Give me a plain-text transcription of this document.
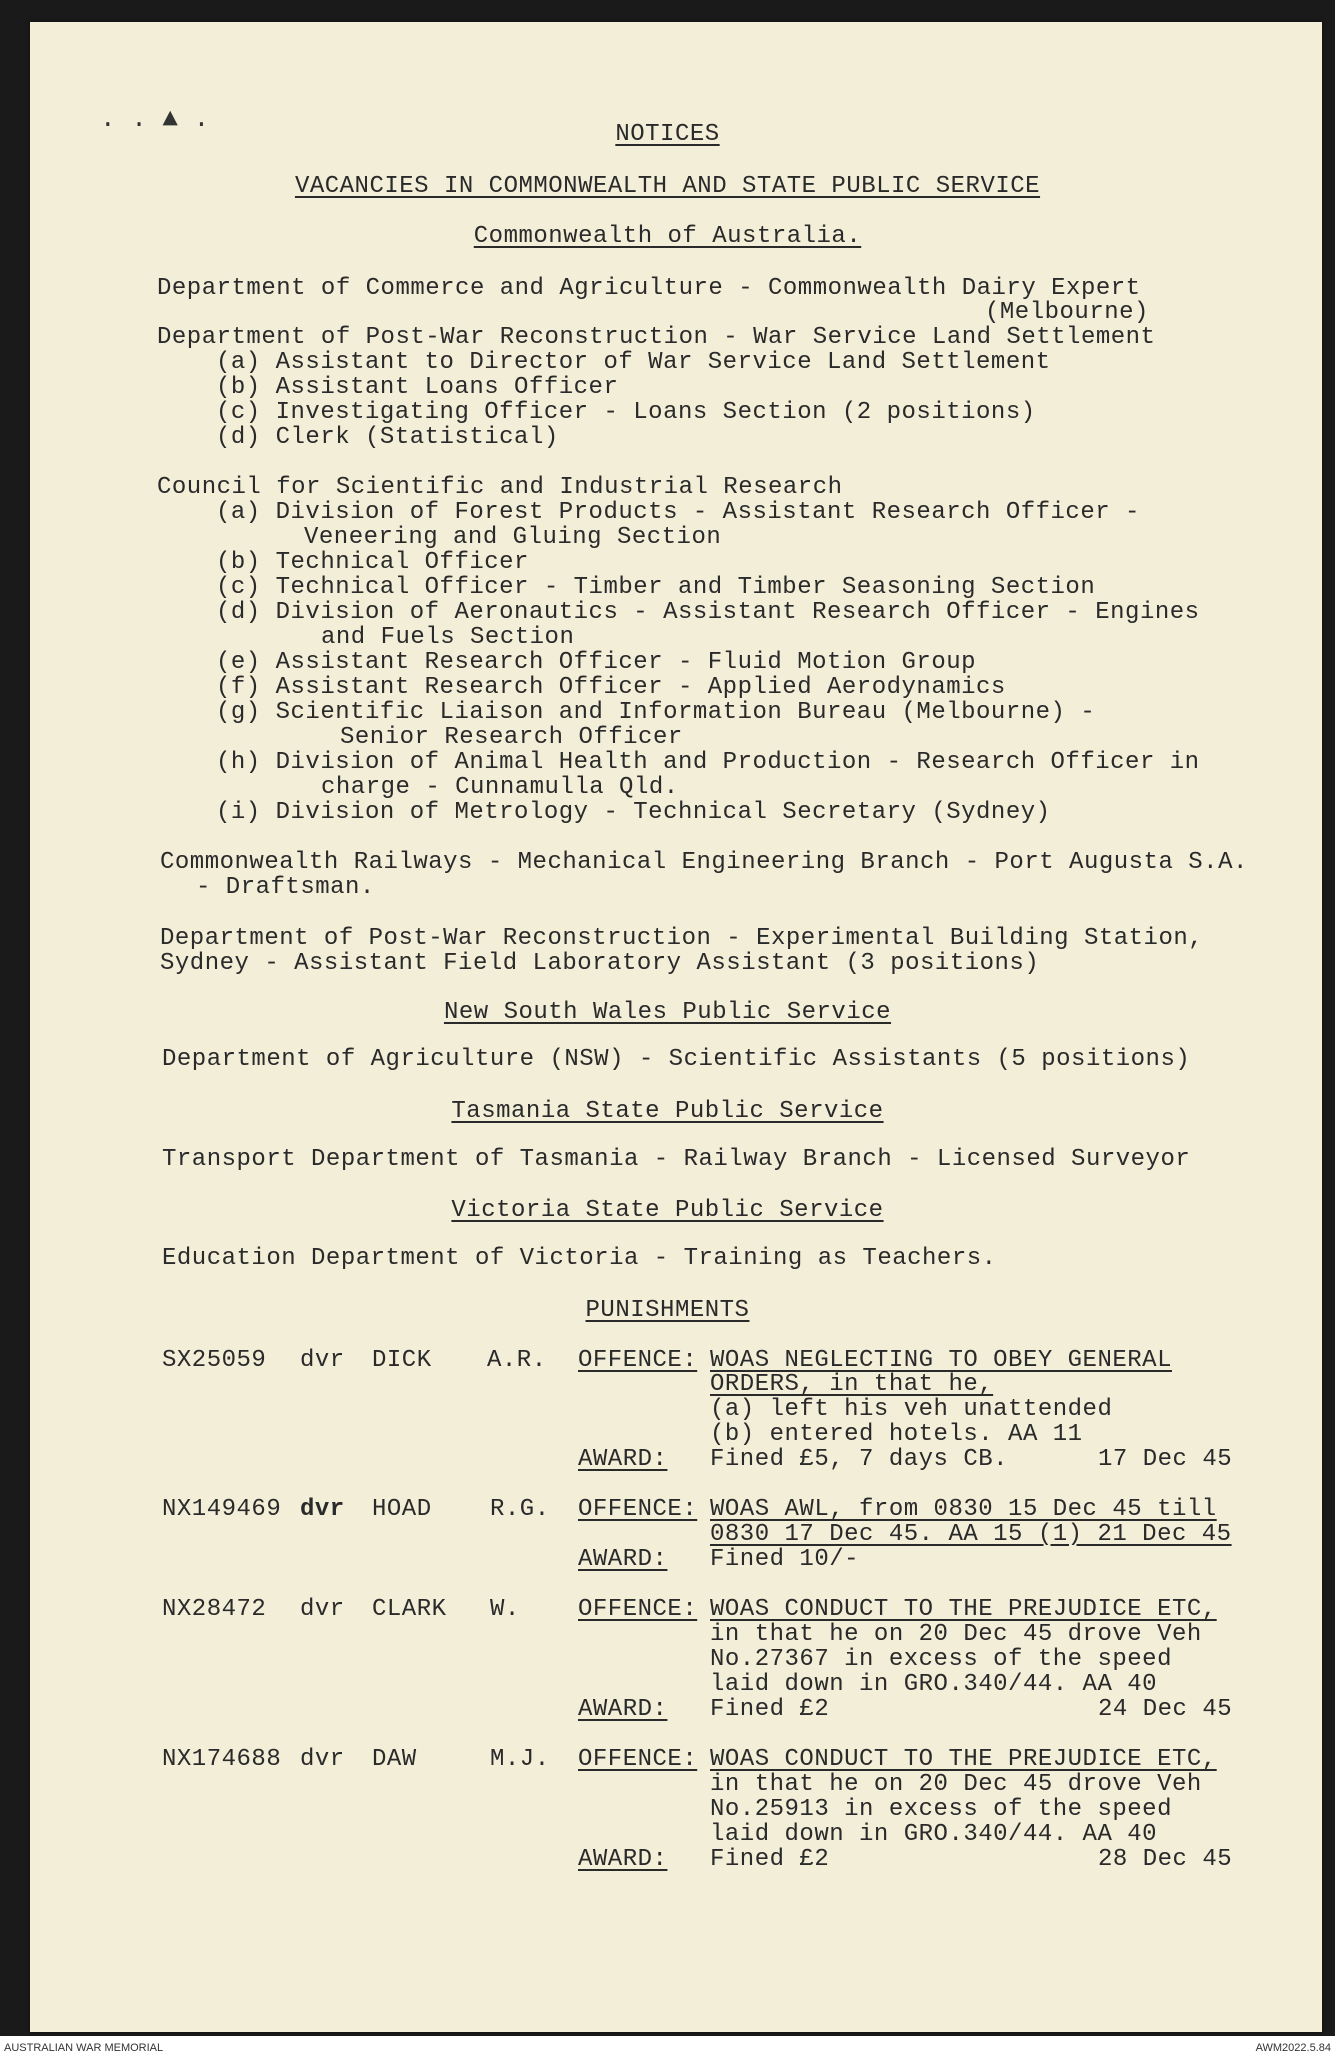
. . ▲ .
NOTICES
VACANCIES IN COMMONWEALTH AND STATE PUBLIC SERVICE
Commonwealth of Australia.
Department of Commerce and Agriculture - Commonwealth Dairy Expert
(Melbourne)
Department of Post-War Reconstruction - War Service Land Settlement
(a) Assistant to Director of War Service Land Settlement
(b) Assistant Loans Officer
(c) Investigating Officer - Loans Section (2 positions)
(d) Clerk (Statistical)
Council for Scientific and Industrial Research
(a) Division of Forest Products - Assistant Research Officer -
Veneering and Gluing Section
(b) Technical Officer
(c) Technical Officer - Timber and Timber Seasoning Section
(d) Division of Aeronautics - Assistant Research Officer - Engines
and Fuels Section
(e) Assistant Research Officer - Fluid Motion Group
(f) Assistant Research Officer - Applied Aerodynamics
(g) Scientific Liaison and Information Bureau (Melbourne) -
Senior Research Officer
(h) Division of Animal Health and Production - Research Officer in
charge - Cunnamulla Qld.
(i) Division of Metrology - Technical Secretary (Sydney)
Commonwealth Railways - Mechanical Engineering Branch - Port Augusta S.A.
- Draftsman.
Department of Post-War Reconstruction - Experimental Building Station,
Sydney - Assistant Field Laboratory Assistant (3 positions)
New South Wales Public Service
Department of Agriculture (NSW) - Scientific Assistants (5 positions)
Tasmania State Public Service
Transport Department of Tasmania - Railway Branch - Licensed Surveyor
Victoria State Public Service
Education Department of Victoria - Training as Teachers.
PUNISHMENTS
SX25059 dvr DICK A.R. OFFENCE: WOAS NEGLECTING TO OBEY GENERAL
ORDERS, in that he,
(a) left his veh unattended
(b) entered hotels. AA 11
AWARD: Fined £5, 7 days CB.	17 Dec 45
NX149469 dvr HOAD R.G. OFFENCE: WOAS AWL, from 0830 15 Dec 45 till
0830 17 Dec 45. AA 15 (1) 21 Dec 45
AWARD: Fined 10/-
NX28472 dvr CLARK W. OFFENCE: WOAS CONDUCT TO THE PREJUDICE ETC,
in that he on 20 Dec 45 drove Veh
No.27367 in excess of the speed
laid down in GRO.340/44. AA 40
AWARD: Fined £2	24 Dec 45
NX174688 dvr DAW	M.J. OFFENCE: WOAS CONDUCT TO THE PREJUDICE ETC,
in that he on 20 Dec 45 drove Veh
No.25913 in excess of the speed
laid down in GRO.340/44. AA 40
AWARD: Fined £2	28 Dec 45
AUSTRALIAN WAR MEMORIAL	AWM2022.5.84
